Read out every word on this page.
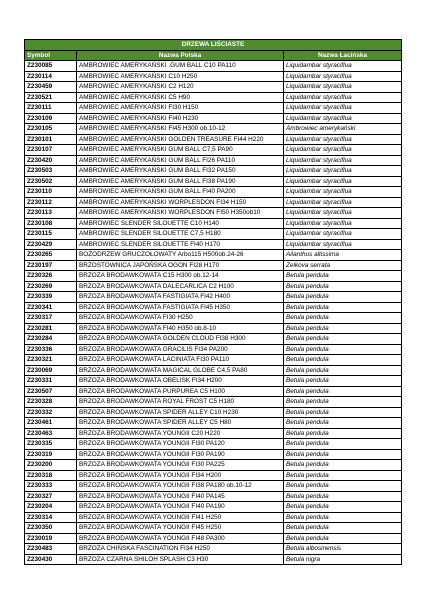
·
DRZEWA LIŚCIASTE		
Symbol	Nazwa Polska	Nazwa Łacińska
Z230085	AMBROWIEC AMERYKAŃSKI .GUM BALL C10 PA110	Liquidambar styraciflua
Z230114	AMBROWIEC AMERYKAŃSKI C10 H250	Liquidambar styraciflua
Z230459	AMBROWIEC AMERYKAŃSKI C2 H120	Liquidambar styraciflua
Z230521	AMBROWIEC AMERYKAŃSKI C5 H90	Liquidambar styraciflua
Z230111	AMBROWIEC AMERYKAŃSKI FI30 H150	Liquidambar styraciflua
Z230109	AMBROWIEC AMERYKAŃSKI FI40 H230	Liquidambar styraciflua
Z230105	AMBROWIEC AMERYKAŃSKI FI45 H300 ob.10-12	Ambrowiec amerykański
Z230101	AMBROWIEC AMERYKAŃSKI GOLDEN TREASURE FI44 H220	Liquidambar styraciflua
Z230107	AMBROWIEC AMERYKAŃSKI GUM BALL C7,5 PA90	Liquidambar styraciflua
Z230420	AMBROWIEC AMERYKAŃSKI GUM BALL FI26 PA110	Liquidambar styraciflua
Z230503	AMBROWIEC AMERYKAŃSKI GUM BALL FI32 PA150	Liquidambar styraciflua
Z230502	AMBROWIEC AMERYKAŃSKI GUM BALL FI38 PA190	Liquidambar styraciflua
Z230110	AMBROWIEC AMERYKAŃSKI GUM BALL FI40 PA200	Liquidambar styraciflua
Z230112	AMBROWIEC AMERYKAŃSKI WORPLESDON FI34 H150	Liquidambar styraciflua
Z230113	AMBROWIEC AMERYKAŃSKI WORPLESDON FI50 H350ob10	Liquidambar styraciflua
Z230108	AMBROWIEC SLENDER SILOUETTE C10 H140	Liquidambar styraciflua
Z230115	AMBROWIEC SLENDER SILOUETTE C7,5 H180	Liquidambar styraciflua
Z230429	AMBROWIEC SLENDER SILOUETTE FI40 H170	Liquidambar styraciflua
Z230265	BOŻODRZEW GRUCZOŁOWATY Arbo115 H500ob.24-26	Ailanthus altissima
Z230197	BRZOSTOWNICA JAPOŃSKA OGON FI28 H170	Zelkova serrata
Z230326	BRZOZA BRODAWKOWATA C15 H300 ob.12-14	Betula pendula
Z230269	BRZOZA BRODAWKOWATA DALECARLICA C2 H100	Betula pendula
Z230339	BRZOZA BRODAWKOWATA FASTIGIATA FI42 H400	Betula pendula
Z230341	BRZOZA BRODAWKOWATA FASTIGIATA FI45 H350	Betula pendula
Z230317	BRZOZA BRODAWKOWATA FI30 H250	Betula pendula
Z230281	BRZOZA BRODAWKOWATA FI40 H350 ob.8-10	Betula pendula
Z230284	BRZOZA BRODAWKOWATA GOLDEN CLOUD FI38 H300	Betula pendula
Z230336	BRZOZA BRODAWKOWATA GRACILIS FI34 PA200	Betula pendula
Z230321	BRZOZA BRODAWKOWATA LACINIATA FI30 PA110	Betula pendula
Z230069	BRZOZA BRODAWKOWATA MAGICAL GLOBE C4,5 PA80	Betula pendula
Z230331	BRZOZA BRODAWKOWATA OBELISK FI34 H200	Betula pendula
Z230507	BRZOZA BRODAWKOWATA PURPUREA C5 H100	Betula pendula
Z230328	BRZOZA BRODAWKOWATA ROYAL FROST C5 H180	Betula pendula
Z230332	BRZOZA BRODAWKOWATA SPIDER ALLEY C10 H230	Betula pendula
Z230461	BRZOZA BRODAWKOWATA SPIDER ALLEY C5 H80	Betula pendula
Z230463	BRZOZA BRODAWKOWATA YOUNGII C20 H220	Betula pendula
Z230335	BRZOZA BRODAWKOWATA YOUNGII FI30 PA120	Betula pendula
Z230319	BRZOZA BRODAWKOWATA YOUNGII FI30 PA190	Betula pendula
Z230200	BRZOZA BRODAWKOWATA YOUNGII FI30 PA225	Betula pendula
Z230318	BRZOZA BRODAWKOWATA YOUNGII FI34 H200	Betula pendula
Z230333	BRZOZA BRODAWKOWATA YOUNGII FI38 PA180 ob.10-12	Betula pendula
Z230327	BRZOZA BRODAWKOWATA YOUNGII FI40 PA145	Betula pendula
Z230204	BRZOZA BRODAWKOWATA YOUNGII FI40 PA190	Betula pendula
Z230314	BRZOZA BRODAWKOWATA YOUNGII FI41 H250	Betula pendula
Z230350	BRZOZA BRODAWKOWATA YOUNGII FI45 H250	Betula pendula
Z230019	BRZOZA BRODAWKOWATA YOUNGII FI48 PA300	Betula pendula
Z230483	BRZOZA CHIŃSKA FASCINATION FI34 H250	Betula albosinensis
Z230430	BRZOZA CZARNA SHILOH SPLASH C3 H30	Betula nigra
